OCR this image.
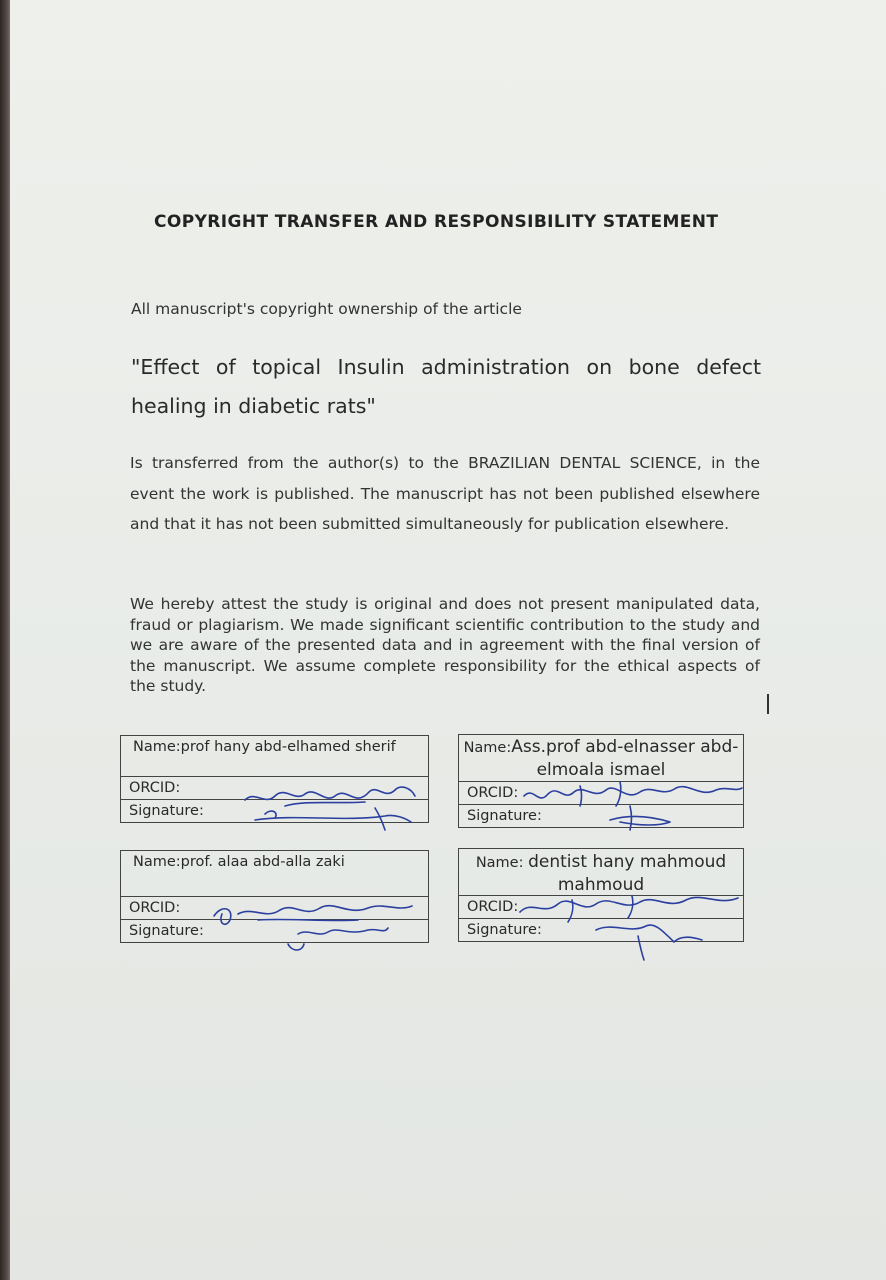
COPYRIGHT TRANSFER AND RESPONSIBILITY STATEMENT
All manuscript's copyright ownership of the article
"Effect of topical Insulin administration on bone defect healing in diabetic rats"
Is transferred from the author(s) to the BRAZILIAN DENTAL SCIENCE, in the event the work is published. The manuscript has not been published elsewhere and that it has not been submitted simultaneously for publication elsewhere.
We hereby attest the study is original and does not present manipulated data, fraud or plagiarism. We made significant scientific contribution to the study and we are aware of the presented data and in agreement with the final version of the manuscript. We assume complete responsibility for the ethical aspects of the study.
Name:prof hany abd-elhamed sherif
ORCID:
Signature:
Name:Ass.prof abd-elnasser abd-elmoala ismael
ORCID:
Signature:
Name:prof. alaa abd-alla zaki
ORCID:
Signature:
Name: dentist hany mahmoud mahmoud
ORCID:
Signature:
